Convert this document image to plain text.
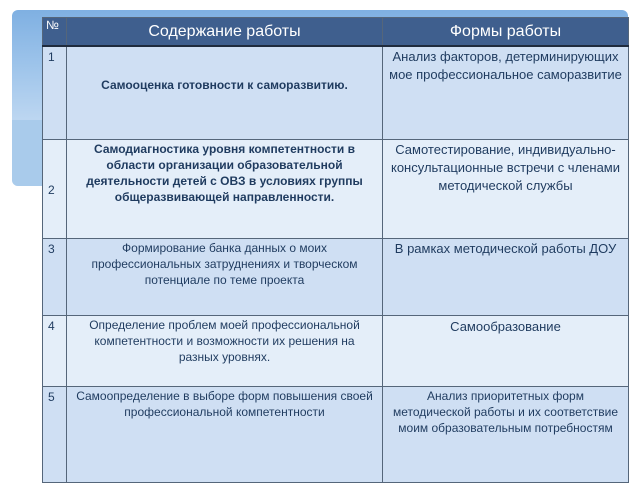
№	Содержание работы	Формы работы
1	Самооценка готовности к саморазвитию.	Анализ факторов, детерминирующих мое профессиональное саморазвитие
2	Самодиагностика уровня компетентности в области организации образовательной деятельности детей с ОВЗ в условиях группы общеразвивающей направленности.	Самотестирование, индивидуально-консультационные встречи с членами методической службы
3	Формирование банка данных о моих профессиональных затруднениях и творческом потенциале по теме проекта	В рамках методической работы ДОУ
4	Определение проблем моей профессиональной компетентности и возможности их решения на разных уровнях.	Самообразование
5	Самоопределение в выборе форм повышения своей профессиональной компетентности	Анализ приоритетных форм методической работы и их соответствие моим образовательным потребностям
